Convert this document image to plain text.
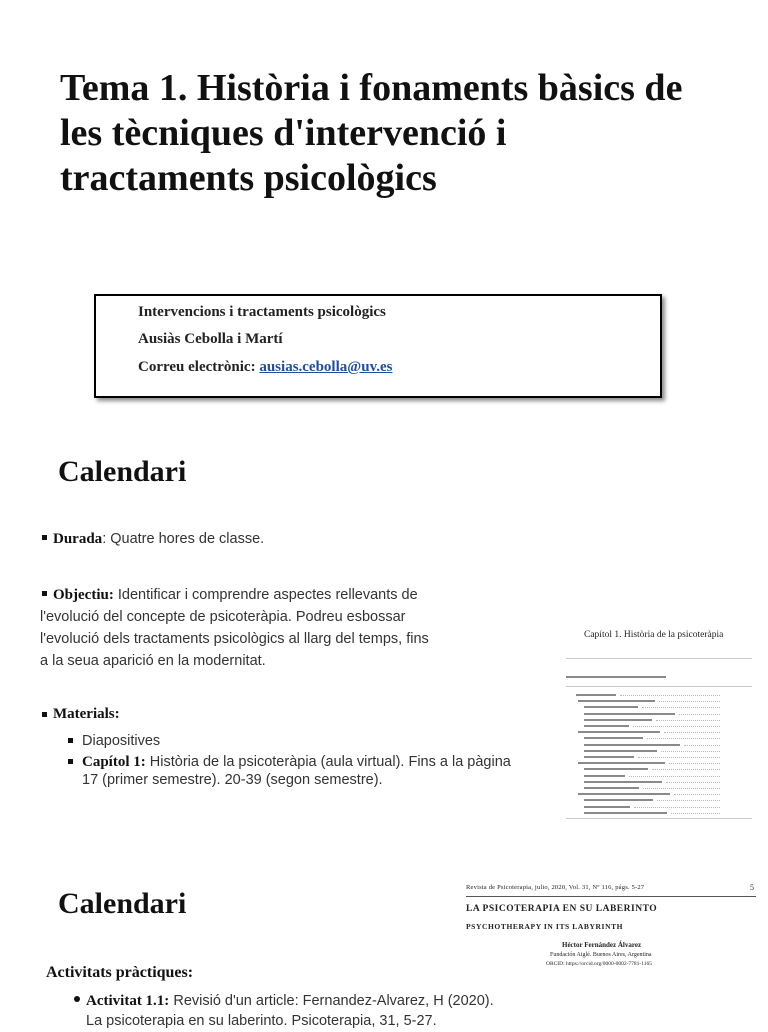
Tema 1. Història i fonaments bàsics de les tècniques d'intervenció i tractaments psicològics
Intervencions i tractaments psicològics
Ausiàs Cebolla i Martí
Correu electrònic: ausias.cebolla@uv.es
Calendari
Durada: Quatre hores de classe.
Objectiu: Identificar i comprendre aspectes rellevants de
l'evolució del concepte de psicoteràpia. Podreu esbossar
l'evolució dels tractaments psicològics al llarg del temps, fins
a la seua aparició en la modernitat.
Materials:
Diapositives
Capítol 1: Història de la psicoteràpia (aula virtual). Fins a la pàgina
17 (primer semestre). 20-39 (segon semestre).
Capítol 1. Història de la psicoteràpia
Calendari	Revista de Psicoterapia, julio, 2020, Vol. 31, Nº 116, págs. 5-27	5
LA PSICOTERAPIA EN SU LABERINTO
PSYCHOTHERAPY IN ITS LABYRINTH
Héctor Fernández Álvarez
Fundación Aiglé. Buenos Aires, Argentina
ORCID: https://orcid.org/0000-0002-7781-1165
Activitats pràctiques:
Activitat 1.1: Revisió d'un article: Fernandez-Alvarez, H (2020).
La psicoterapia en su laberinto. Psicoterapia, 31, 5-27.
